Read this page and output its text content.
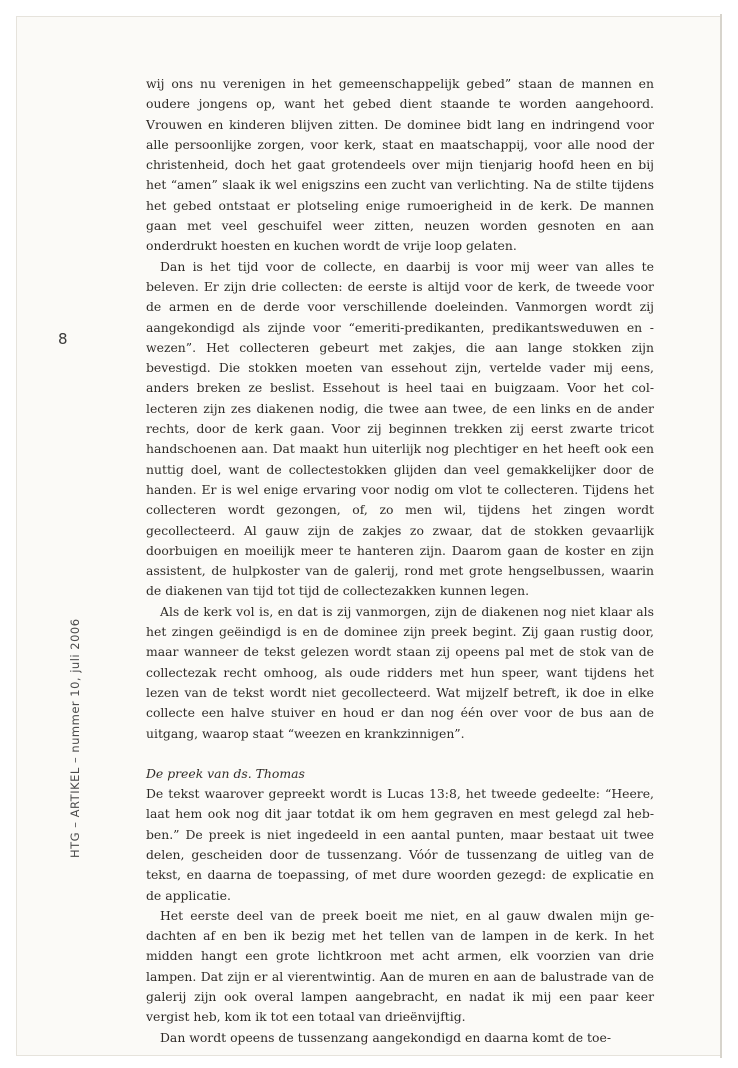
8
HTG – ARTIKEL – nummer 10, juli 2006

wij ons nu verenigen in het gemeenschappelijk gebed” staan de mannen en oudere jongens op, want het gebed dient staande te worden aangehoord. Vrouwen en kinderen blijven zitten. De dominee bidt lang en indringend voor alle persoonlijke zorgen, voor kerk, staat en maatschappij, voor alle nood der christenheid, doch het gaat grotendeels over mijn tienjarig hoofd heen en bij het “amen” slaak ik wel enigszins een zucht van verlichting. Na de stilte tijdens het gebed ontstaat er plotseling enige rumoerigheid in de kerk. De mannen gaan met veel geschuifel weer zitten, neuzen worden gesnoten en aan onderdrukt hoesten en kuchen wordt de vrije loop gelaten.

Dan is het tijd voor de collecte, en daarbij is voor mij weer van alles te beleven. Er zijn drie collecten: de eerste is altijd voor de kerk, de tweede voor de armen en de derde voor verschillende doeleinden. Vanmorgen wordt zij aangekondigd als zijnde voor “emeriti-predikanten, predikantsweduwen en -wezen”. Het collecteren gebeurt met zakjes, die aan lange stokken zijn bevestigd. Die stokken moeten van essehout zijn, vertelde vader mij eens, anders breken ze beslist. Essehout is heel taai en buigzaam. Voor het collecteren zijn zes diakenen nodig, die twee aan twee, de een links en de ander rechts, door de kerk gaan. Voor zij beginnen trekken zij eerst zwarte tricot handschoenen aan. Dat maakt hun uiterlijk nog plechtiger en het heeft ook een nuttig doel, want de collectestokken glijden dan veel gemakkelijker door de handen. Er is wel enige ervaring voor nodig om vlot te collecteren. Tijdens het collecteren wordt gezongen, of, zo men wil, tijdens het zingen wordt gecollecteerd. Al gauw zijn de zakjes zo zwaar, dat de stokken gevaarlijk doorbuigen en moeilijk meer te hanteren zijn. Daarom gaan de koster en zijn assistent, de hulpkoster van de galerij, rond met grote hengselbussen, waarin de diakenen van tijd tot tijd de collectezakken kunnen legen.

Als de kerk vol is, en dat is zij vanmorgen, zijn de diakenen nog niet klaar als het zingen geëindigd is en de dominee zijn preek begint. Zij gaan rustig door, maar wanneer de tekst gelezen wordt staan zij opeens pal met de stok van de collectezak recht omhoog, als oude ridders met hun speer, want tijdens het lezen van de tekst wordt niet gecollecteerd. Wat mijzelf betreft, ik doe in elke collecte een halve stuiver en houd er dan nog één over voor de bus aan de uitgang, waarop staat “weezen en krankzinnigen”.

De preek van ds. Thomas

De tekst waarover gepreekt wordt is Lucas 13:8, het tweede gedeelte: “Heere, laat hem ook nog dit jaar totdat ik om hem gegraven en mest gelegd zal hebben.” De preek is niet ingedeeld in een aantal punten, maar bestaat uit twee delen, gescheiden door de tussenzang. Vóór de tussenzang de uitleg van de tekst, en daarna de toepassing, of met dure woorden gezegd: de explicatie en de applicatie.

Het eerste deel van de preek boeit me niet, en al gauw dwalen mijn gedachten af en ben ik bezig met het tellen van de lampen in de kerk. In het midden hangt een grote lichtkroon met acht armen, elk voorzien van drie lampen. Dat zijn er al vierentwintig. Aan de muren en aan de balustrade van de galerij zijn ook overal lampen aangebracht, en nadat ik mij een paar keer vergist heb, kom ik tot een totaal van drieënvijftig.

Dan wordt opeens de tussenzang aangekondigd en daarna komt de toe-
